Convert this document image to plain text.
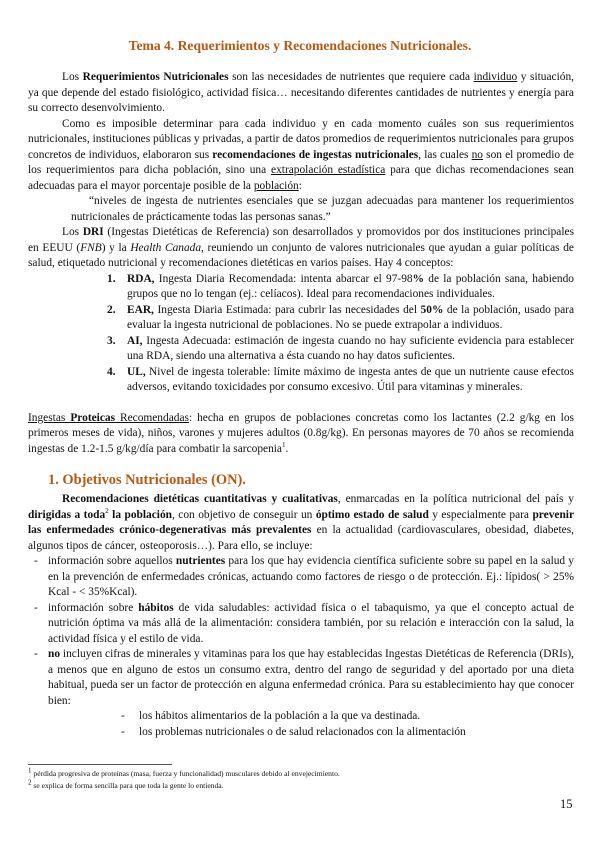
Tema 4. Requerimientos y Recomendaciones Nutricionales.

Los Requerimientos Nutricionales son las necesidades de nutrientes que requiere cada individuo y situación, ya que depende del estado fisiológico, actividad física… necesitando diferentes cantidades de nutrientes y energía para su correcto desenvolvimiento.

Como es imposible determinar para cada individuo y en cada momento cuáles son sus requerimientos nutricionales, instituciones públicas y privadas, a partir de datos promedios de requerimientos nutricionales para grupos concretos de individuos, elaboraron sus recomendaciones de ingestas nutricionales, las cuales no son el promedio de los requerimientos para dicha población, sino una extrapolación estadística para que dichas recomendaciones sean adecuadas para el mayor porcentaje posible de la población:

“niveles de ingesta de nutrientes esenciales que se juzgan adecuadas para mantener los requerimientos nutricionales de prácticamente todas las personas sanas.”

Los DRI (Ingestas Dietéticas de Referencia) son desarrollados y promovidos por dos instituciones principales en EEUU (FNB) y la Health Canada, reuniendo un conjunto de valores nutricionales que ayudan a guiar políticas de salud, etiquetado nutricional y recomendaciones dietéticas en varios países. Hay 4 conceptos:

1. RDA, Ingesta Diaria Recomendada: intenta abarcar el 97-98% de la población sana, habiendo grupos que no lo tengan (ej.: celíacos). Ideal para recomendaciones individuales.
2. EAR, Ingesta Diaria Estimada: para cubrir las necesidades del 50% de la población, usado para evaluar la ingesta nutricional de poblaciones. No se puede extrapolar a individuos.
3. AI, Ingesta Adecuada: estimación de ingesta cuando no hay suficiente evidencia para establecer una RDA, siendo una alternativa a ésta cuando no hay datos suficientes.
4. UL, Nivel de ingesta tolerable: límite máximo de ingesta antes de que un nutriente cause efectos adversos, evitando toxicidades por consumo excesivo. Útil para vitaminas y minerales.

Ingestas Proteicas Recomendadas: hecha en grupos de poblaciones concretas como los lactantes (2.2 g/kg en los primeros meses de vida), niños, varones y mujeres adultos (0.8g/kg). En personas mayores de 70 años se recomienda ingestas de 1.2-1.5 g/kg/día para combatir la sarcopenia$^1$.

1. Objetivos Nutricionales (ON).

Recomendaciones dietéticas cuantitativas y cualitativas, enmarcadas en la política nutricional del país y dirigidas a toda$^2$ la población, con objetivo de conseguir un óptimo estado de salud y especialmente para prevenir las enfermedades crónico-degenerativas más prevalentes en la actualidad (cardiovasculares, obesidad, diabetes, algunos tipos de cáncer, osteoporosis…). Para ello, se incluye:

- información sobre aquellos nutrientes para los que hay evidencia científica suficiente sobre su papel en la salud y en la prevención de enfermedades crónicas, actuando como factores de riesgo o de protección. Ej.: lípidos( > 25% Kcal - < 35%Kcal).
- información sobre hábitos de vida saludables: actividad física o el tabaquismo, ya que el concepto actual de nutrición óptima va más allá de la alimentación: considera también, por su relación e interacción con la salud, la actividad física y el estilo de vida.
- no incluyen cifras de minerales y vitaminas para los que hay establecidas Ingestas Dietéticas de Referencia (DRIs), a menos que en alguno de estos un consumo extra, dentro del rango de seguridad y del aportado por una dieta habitual, pueda ser un factor de protección en alguna enfermedad crónica. Para su establecimiento hay que conocer bien:
- los hábitos alimentarios de la población a la que va destinada.
- los problemas nutricionales o de salud relacionados con la alimentación
$^1$ pérdida progresiva de proteínas (masa, fuerza y funcionalidad) musculares debido al envejecimiento.
$^2$ se explica de forma sencilla para que toda la gente lo entienda.
15
